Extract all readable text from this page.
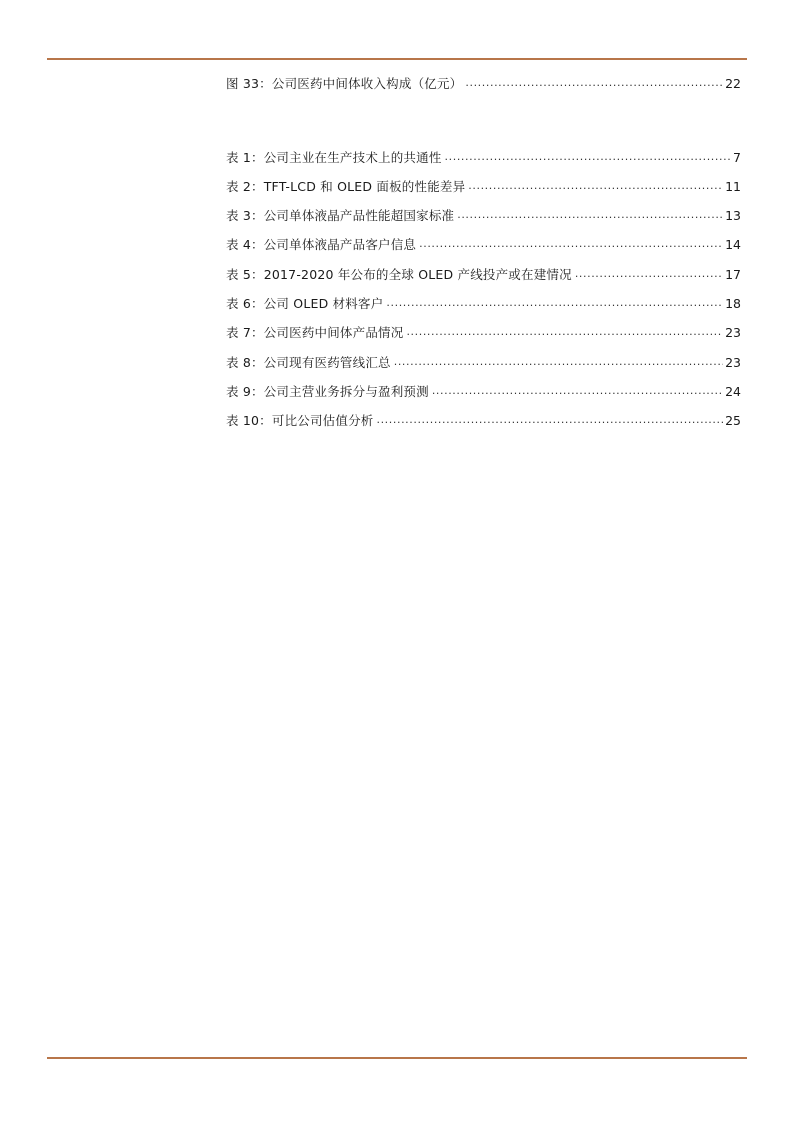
图 33：公司医药中间体收入构成（亿元） .....	22
表 1：公司主业在生产技术上的共通性 .....	7
表 2：TFT-LCD 和 OLED 面板的性能差异 .....	11
表 3：公司单体液晶产品性能超国家标准 .....	13
表 4：公司单体液晶产品客户信息 .....	14
表 5：2017-2020 年公布的全球 OLED 产线投产或在建情况 .....	17
表 6：公司 OLED 材料客户 .....	18
表 7：公司医药中间体产品情况 .....	23
表 8：公司现有医药管线汇总 .....	23
表 9：公司主营业务拆分与盈利预测 .....	24
表 10：可比公司估值分析 .....	25
